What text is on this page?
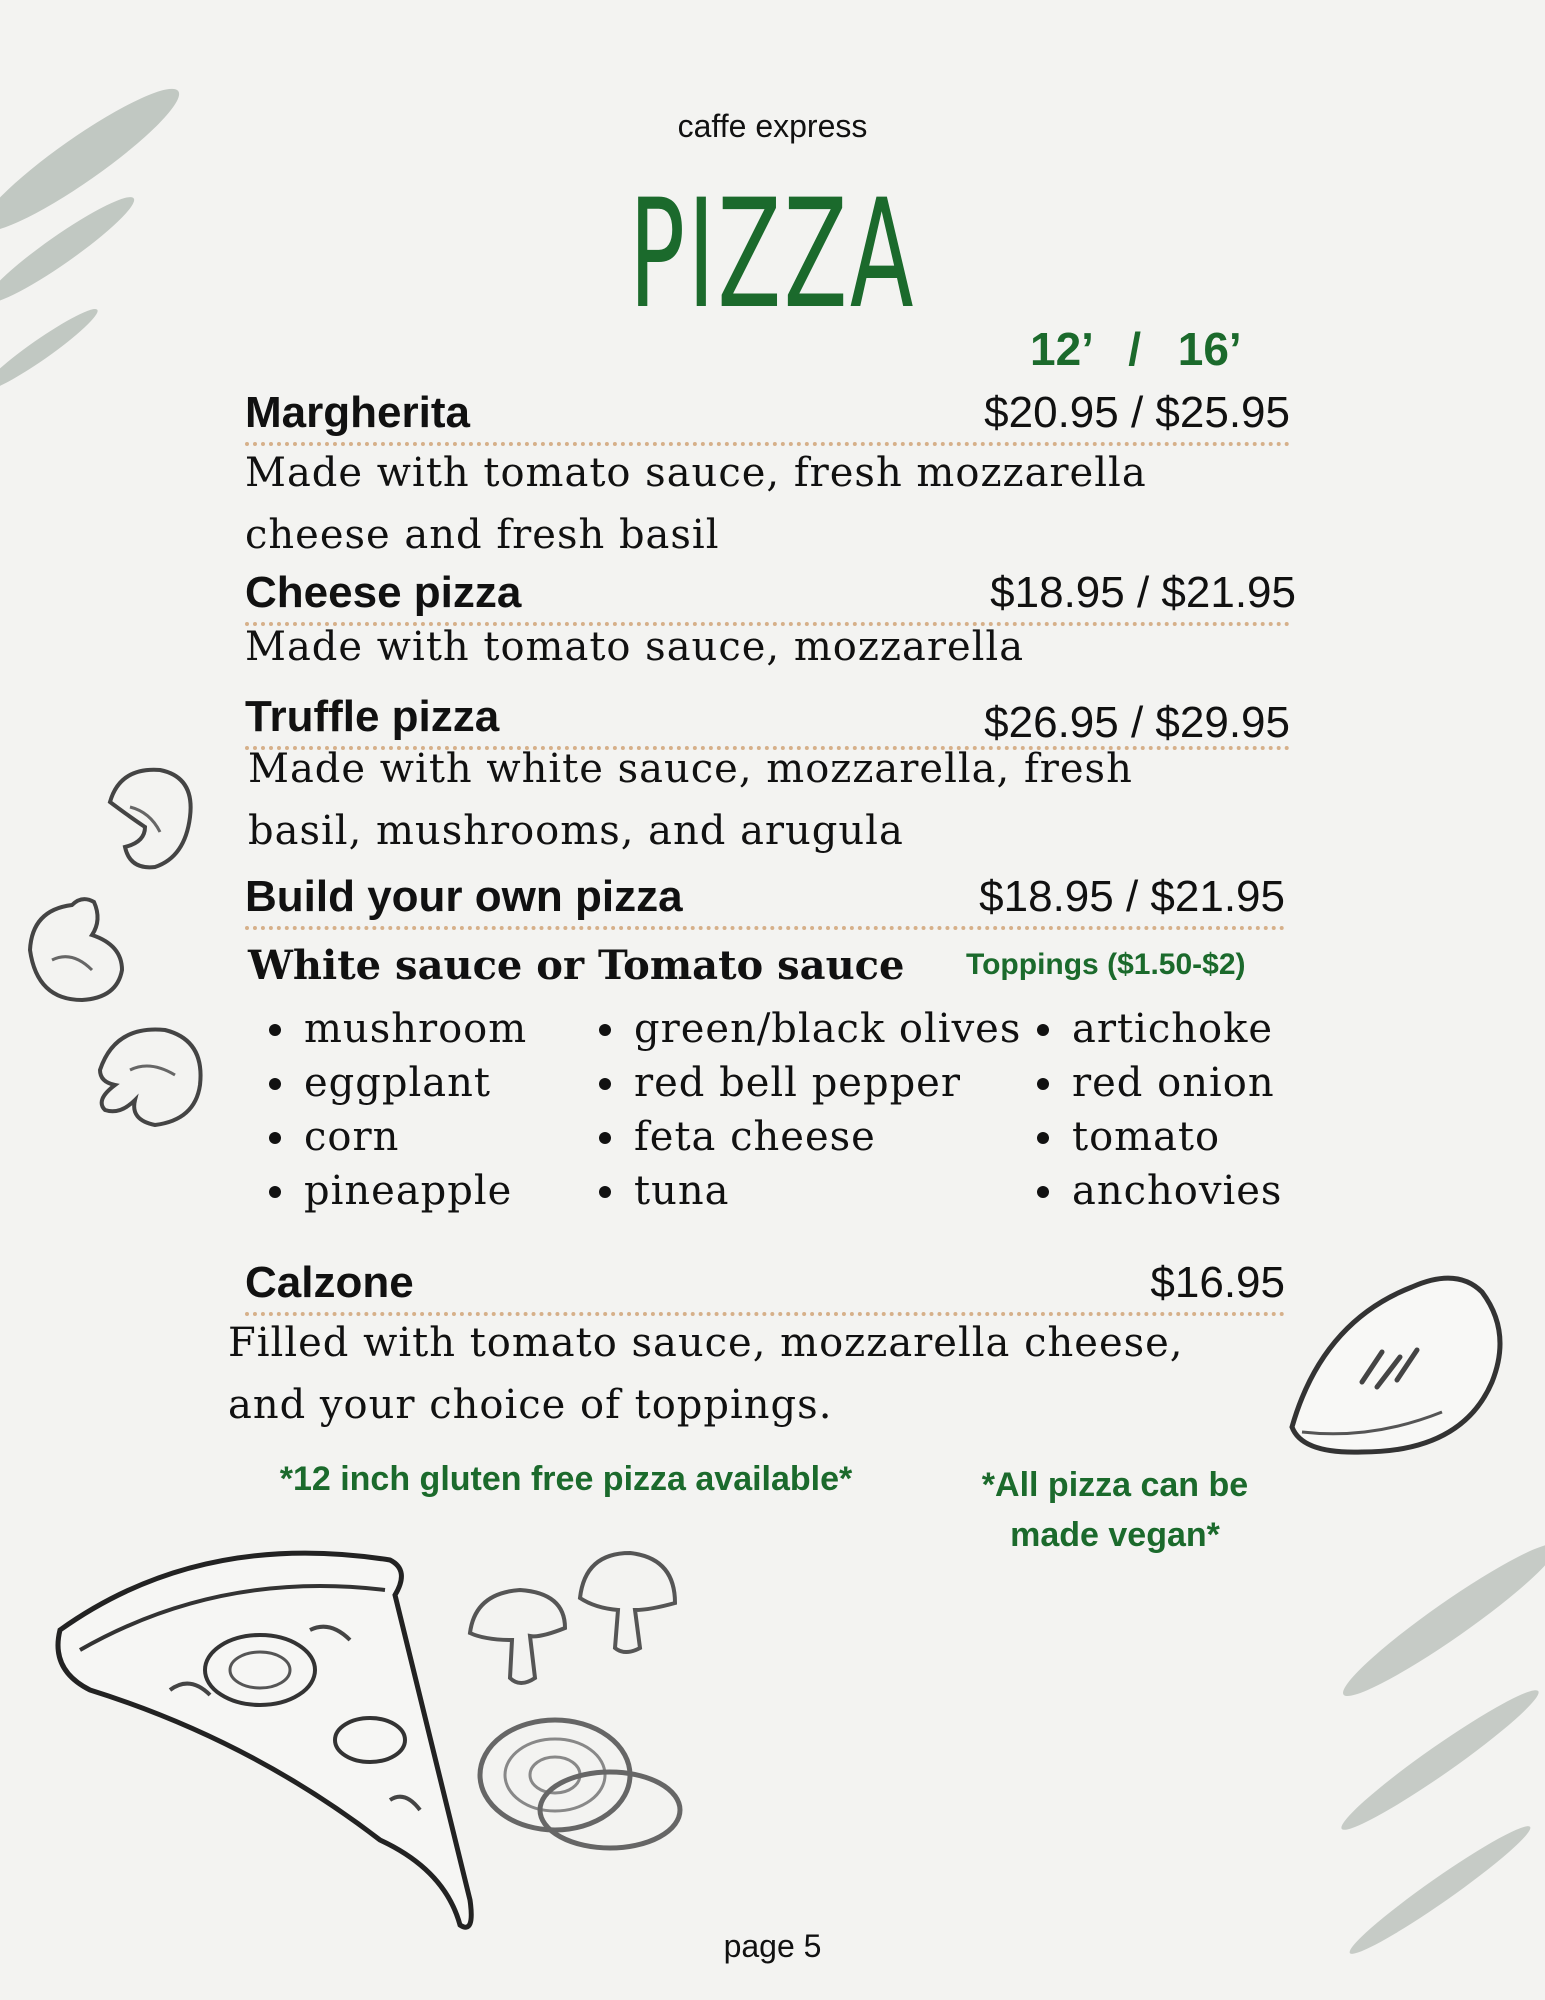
caffe express
PIZZA
12’ / 16’
Margherita	$20.95 / $25.95
Made with tomato sauce, fresh mozzarella cheese and fresh basil
Cheese pizza	$18.95 / $21.95
Made with tomato sauce, mozzarella
Truffle pizza	$26.95 / $29.95
Made with white sauce, mozzarella, fresh basil, mushrooms, and arugula
Build your own pizza	$18.95 / $21.95
White sauce or Tomato sauce Toppings ($1.50-$2)
• mushroom
• eggplant
• corn
• pineapple
• green/black olives
• red bell pepper
• feta cheese
• tuna
• artichoke
• red onion
• tomato
• anchovies
Calzone	$16.95
Filled with tomato sauce, mozzarella cheese, and your choice of toppings.
*12 inch gluten free pizza available*	*All pizza can be made vegan*
page 5
